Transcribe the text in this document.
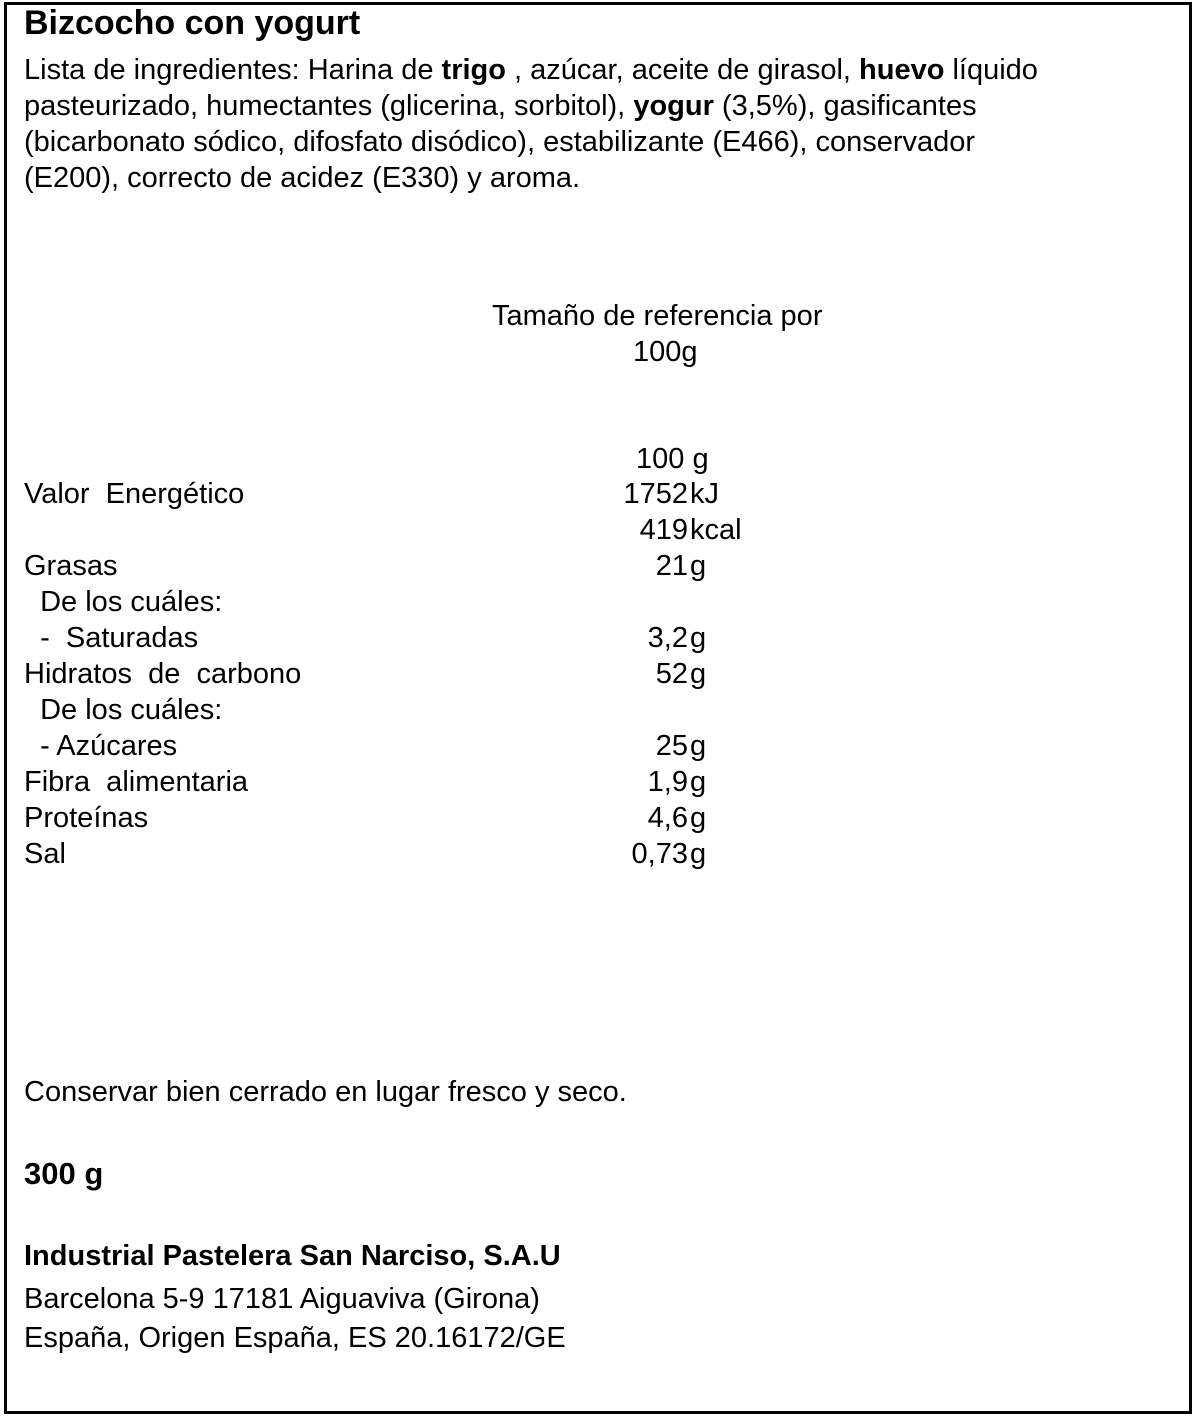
Bizcocho con yogurt
Lista de ingredientes: Harina de trigo , azúcar, aceite de girasol, huevo líquido
pasteurizado, humectantes (glicerina, sorbitol), yogur (3,5%), gasificantes
(bicarbonato sódico, difosfato disódico), estabilizante (E466), conservador
(E200), correcto de acidez (E330) y aroma.
Tamaño de referencia por
100g
100 g
Valor  Energético	1752 kJ
419 kcal
Grasas	21 g
De los cuáles:
-  Saturadas	3,2 g
Hidratos  de  carbono	52 g
De los cuáles:
- Azúcares	25 g
Fibra  alimentaria	1,9 g
Proteínas	4,6 g
Sal	0,73 g
Conservar bien cerrado en lugar fresco y seco.
300 g
Industrial Pastelera San Narciso, S.A.U
Barcelona 5-9 17181 Aiguaviva (Girona)
España, Origen España, ES 20.16172/GE
